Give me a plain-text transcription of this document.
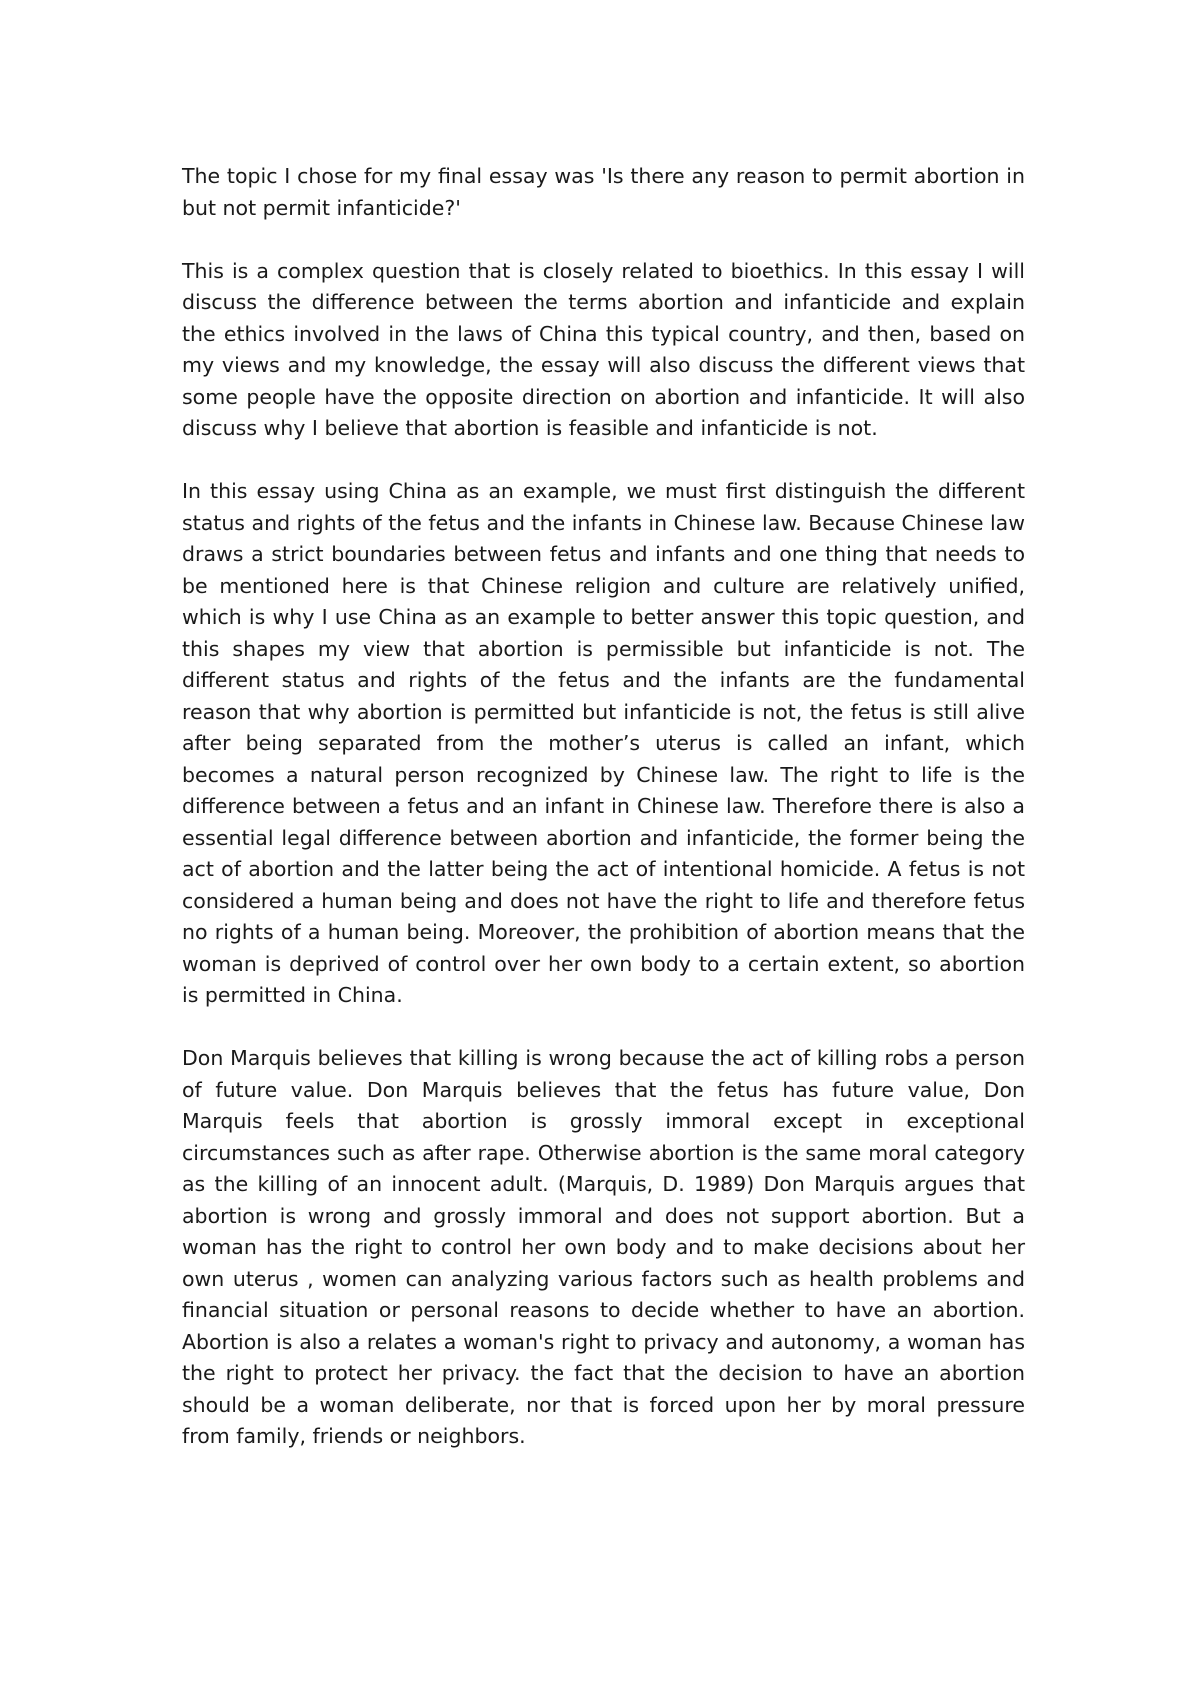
The topic I chose for my final essay was 'Is there any reason to permit abortion in but not permit infanticide?'

This is a complex question that is closely related to bioethics. In this essay I will discuss the difference between the terms abortion and infanticide and explain the ethics involved in the laws of China this typical country, and then, based on my views and my knowledge, the essay will also discuss the different views that some people have the opposite direction on abortion and infanticide. It will also discuss why I believe that abortion is feasible and infanticide is not.

In this essay using China as an example, we must first distinguish the different status and rights of the fetus and the infants in Chinese law. Because Chinese law draws a strict boundaries between fetus and infants and one thing that needs to be mentioned here is that Chinese religion and culture are relatively unified, which is why I use China as an example to better answer this topic question, and this shapes my view that abortion is permissible but infanticide is not. The different status and rights of the fetus and the infants are the fundamental reason that why abortion is permitted but infanticide is not, the fetus is still alive after being separated from the mother’s uterus is called an infant, which becomes a natural person recognized by Chinese law. The right to life is the difference between a fetus and an infant in Chinese law. Therefore there is also a essential legal difference between abortion and infanticide, the former being the act of abortion and the latter being the act of intentional homicide. A fetus is not considered a human being and does not have the right to life and therefore fetus no rights of a human being. Moreover, the prohibition of abortion means that the woman is deprived of control over her own body to a certain extent, so abortion is permitted in China.

Don Marquis believes that killing is wrong because the act of killing robs a person of future value. Don Marquis believes that the fetus has future value, Don Marquis feels that abortion is grossly immoral except in exceptional circumstances such as after rape. Otherwise abortion is the same moral category as the killing of an innocent adult. (Marquis, D. 1989) Don Marquis argues that abortion is wrong and grossly immoral and does not support abortion. But a woman has the right to control her own body and to make decisions about her own uterus , women can analyzing various factors such as health problems and financial situation or personal reasons to decide whether to have an abortion. Abortion is also a relates a woman's right to privacy and autonomy, a woman has the right to protect her privacy. the fact that the decision to have an abortion should be a woman deliberate, nor that is forced upon her by moral pressure from family, friends or neighbors.
